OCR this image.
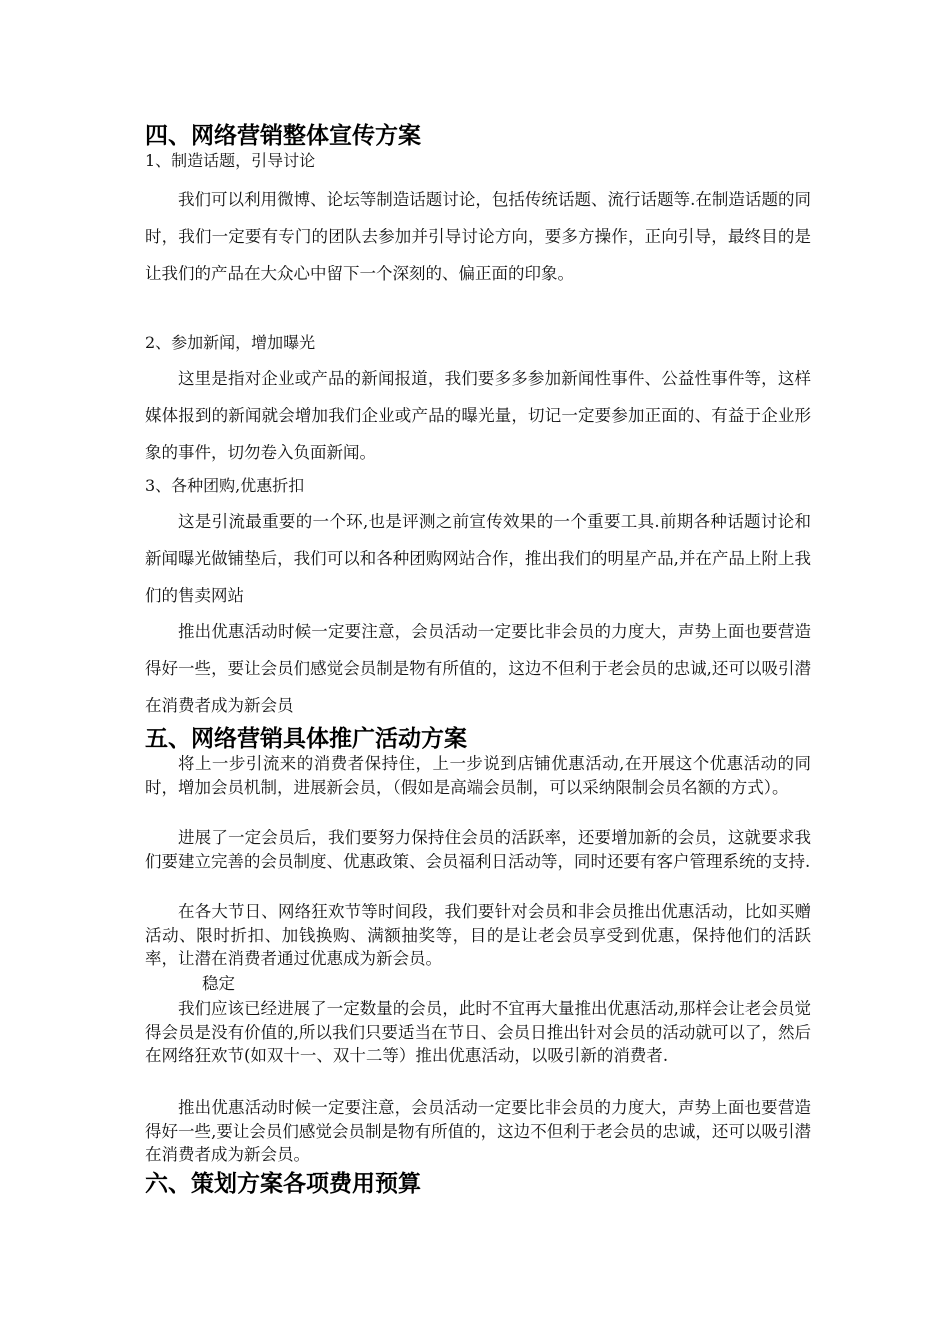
四、网络营销整体宣传方案

1、制造话题，引导讨论

我们可以利用微博、论坛等制造话题讨论，包括传统话题、流行话题等.在制造话题的同时，我们一定要有专门的团队去参加并引导讨论方向，要多方操作，正向引导，最终目的是让我们的产品在大众心中留下一个深刻的、偏正面的印象。

2、参加新闻，增加曝光

这里是指对企业或产品的新闻报道，我们要多多参加新闻性事件、公益性事件等，这样媒体报到的新闻就会增加我们企业或产品的曝光量，切记一定要参加正面的、有益于企业形象的事件，切勿卷入负面新闻。

3、各种团购,优惠折扣

这是引流最重要的一个环,也是评测之前宣传效果的一个重要工具.前期各种话题讨论和新闻曝光做铺垫后，我们可以和各种团购网站合作，推出我们的明星产品,并在产品上附上我们的售卖网站

推出优惠活动时候一定要注意，会员活动一定要比非会员的力度大，声势上面也要营造得好一些，要让会员们感觉会员制是物有所值的，这边不但利于老会员的忠诚,还可以吸引潜在消费者成为新会员

五、网络营销具体推广活动方案

将上一步引流来的消费者保持住，上一步说到店铺优惠活动,在开展这个优惠活动的同时，增加会员机制，进展新会员，（假如是高端会员制，可以采纳限制会员名额的方式）。

进展了一定会员后，我们要努力保持住会员的活跃率，还要增加新的会员，这就要求我们要建立完善的会员制度、优惠政策、会员福利日活动等，同时还要有客户管理系统的支持.

在各大节日、网络狂欢节等时间段，我们要针对会员和非会员推出优惠活动，比如买赠活动、限时折扣、加钱换购、满额抽奖等，目的是让老会员享受到优惠，保持他们的活跃率，让潜在消费者通过优惠成为新会员。

稳定

我们应该已经进展了一定数量的会员，此时不宜再大量推出优惠活动,那样会让老会员觉得会员是没有价值的,所以我们只要适当在节日、会员日推出针对会员的活动就可以了，然后在网络狂欢节(如双十一、双十二等）推出优惠活动，以吸引新的消费者.

推出优惠活动时候一定要注意，会员活动一定要比非会员的力度大，声势上面也要营造得好一些,要让会员们感觉会员制是物有所值的，这边不但利于老会员的忠诚，还可以吸引潜在消费者成为新会员。

六、策划方案各项费用预算
